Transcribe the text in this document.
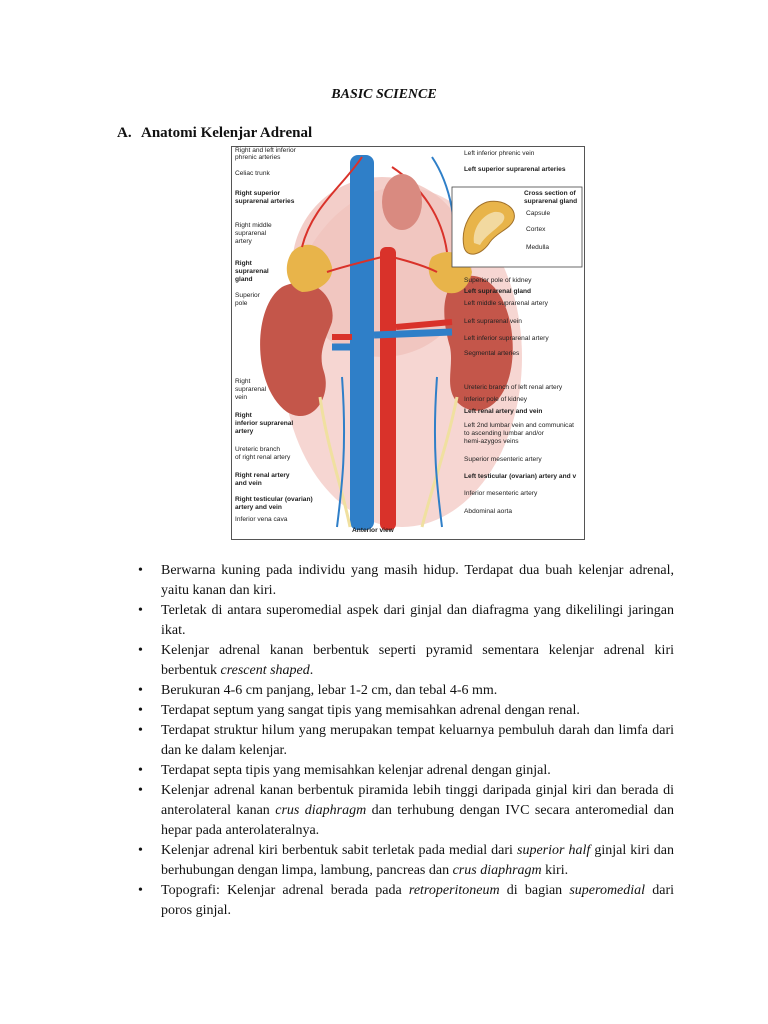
BASIC SCIENCE
A. Anatomi Kelenjar Adrenal
Right and left inferior
phrenic arteries
Celiac trunk
Right superior
suprarenal arteries
Right middle
suprarenal
artery
Right
suprarenal
gland
Superior
pole
Right
suprarenal
vein
Right
inferior suprarenal
artery
Ureteric branch
of right renal artery
Right renal artery
and vein
Right testicular (ovarian)
artery and vein
Inferior vena cava
Left inferior phrenic vein
Left superior suprarenal arteries
Superior pole of kidney
Left suprarenal gland
Left middle suprarenal artery
Left suprarenal vein
Left inferior suprarenal artery
Segmental arteries
Ureteric branch of left renal artery
Inferior pole of kidney
Left renal artery and vein
Left 2nd lumbar vein and communicat
to ascending lumbar and/or
hemi-azygos veins
Superior mesenteric artery
Left testicular (ovarian) artery and v
Inferior mesenteric artery
Abdominal aorta
Cross section of
suprarenal gland
Capsule
Cortex
Medulla
Anterior view
• Berwarna kuning pada individu yang masih hidup. Terdapat dua buah kelenjar adrenal, yaitu kanan dan kiri.
• Terletak di antara superomedial aspek dari ginjal dan diafragma yang dikelilingi jaringan ikat.
• Kelenjar adrenal kanan berbentuk seperti pyramid sementara kelenjar adrenal kiri berbentuk crescent shaped.
• Berukuran 4-6 cm panjang, lebar 1-2 cm, dan tebal 4-6 mm.
• Terdapat septum yang sangat tipis yang memisahkan adrenal dengan renal.
• Terdapat struktur hilum yang merupakan tempat keluarnya pembuluh darah dan limfa dari dan ke dalam kelenjar.
• Terdapat septa tipis yang memisahkan kelenjar adrenal dengan ginjal.
• Kelenjar adrenal kanan berbentuk piramida lebih tinggi daripada ginjal kiri dan berada di anterolateral kanan crus diaphragm dan terhubung dengan IVC secara anteromedial dan hepar pada anterolateralnya.
• Kelenjar adrenal kiri berbentuk sabit terletak pada medial dari superior half ginjal kiri dan berhubungan dengan limpa, lambung, pancreas dan crus diaphragm kiri.
• Topografi: Kelenjar adrenal berada pada retroperitoneum di bagian superomedial dari poros ginjal.
